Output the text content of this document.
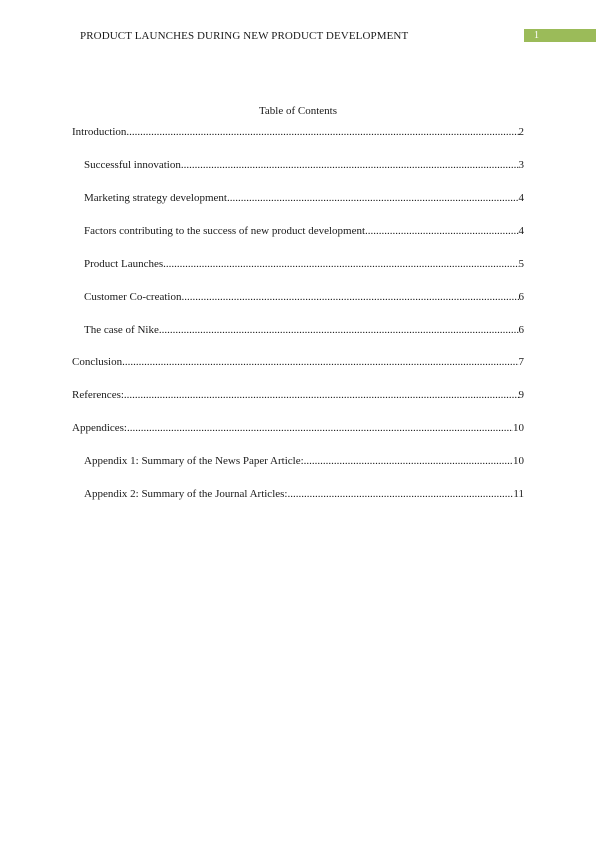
PRODUCT LAUNCHES DURING NEW PRODUCT DEVELOPMENT	1
Table of Contents
Introduction .....	2
Successful innovation .....	3
Marketing strategy development .....	4
Factors contributing to the success of new product development .....	4
Product Launches .....	5
Customer Co-creation .....	6
The case of Nike .....	6
Conclusion .....	7
References: .....	9
Appendices: .....	10
Appendix 1: Summary of the News Paper Article: .....	10
Appendix 2: Summary of the Journal Articles: .....	11
